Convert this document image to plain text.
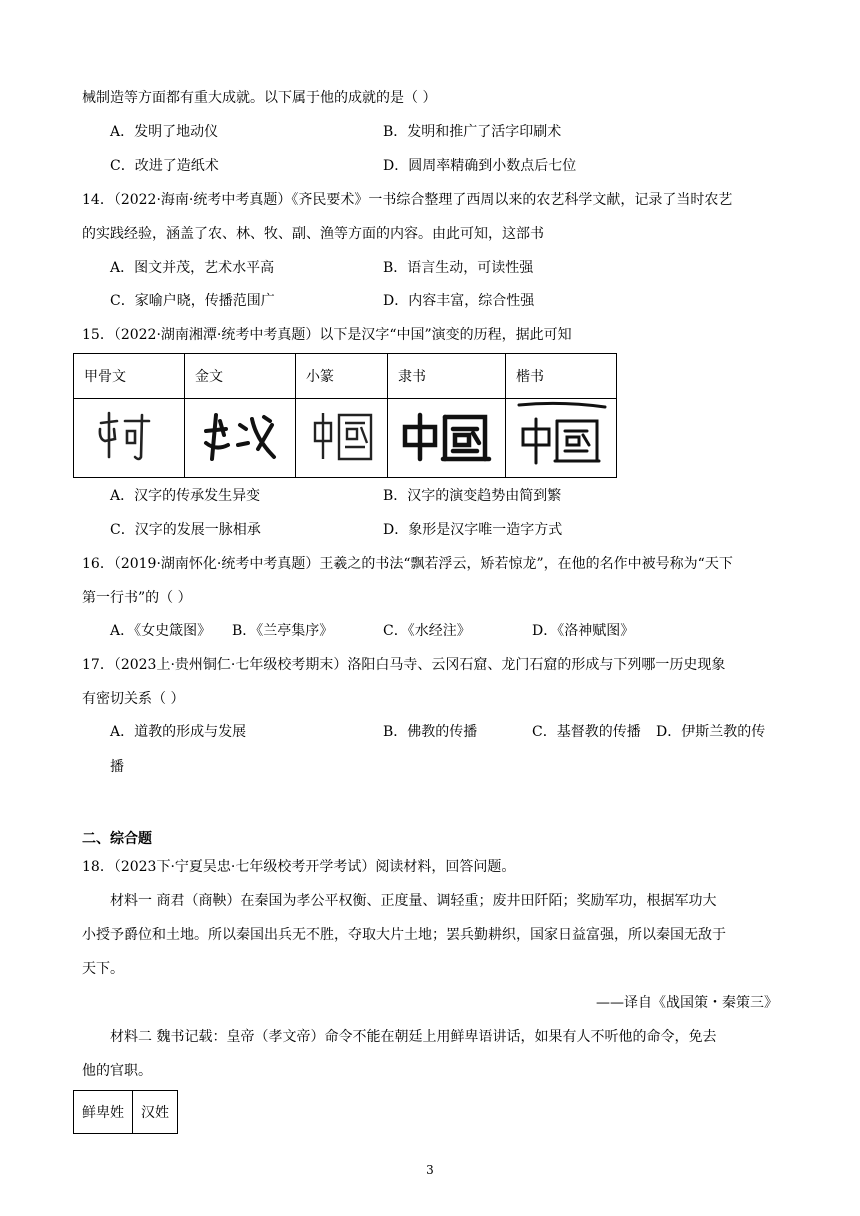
械制造等方面都有重大成就。以下属于他的成就的是（ ）
A．发明了地动仪	B．发明和推广了活字印刷术
C．改进了造纸术	D．圆周率精确到小数点后七位
14．（2022·海南·统考中考真题）《齐民要术》一书综合整理了西周以来的农艺科学文献，记录了当时农艺
的实践经验，涵盖了农、林、牧、副、渔等方面的内容。由此可知，这部书
A．图文并茂，艺术水平高	B．语言生动，可读性强
C．家喻户晓，传播范围广	D．内容丰富，综合性强
15．（2022·湖南湘潭·统考中考真题）以下是汉字“中国”演变的历程，据此可知
甲骨文	金文	小篆	隶书	楷书

A．汉字的传承发生异变	B．汉字的演变趋势由简到繁
C．汉字的发展一脉相承	D．象形是汉字唯一造字方式
16．（2019·湖南怀化·统考中考真题）王羲之的书法“飘若浮云，矫若惊龙”，在他的名作中被号称为“天下
第一行书”的（ ）
A．《女史箴图》 B．《兰亭集序》	C．《水经注》	D．《洛神赋图》
17．（2023上·贵州铜仁·七年级校考期末）洛阳白马寺、云冈石窟、龙门石窟的形成与下列哪一历史现象
有密切关系（ ）
A．道教的形成与发展	B．佛教的传播	C．基督教的传播 D．伊斯兰教的传
播
二、综合题
18．（2023下·宁夏吴忠·七年级校考开学考试）阅读材料，回答问题。
材料一 商君（商鞅）在秦国为孝公平权衡、正度量、调轻重；废井田阡陌；奖励军功，根据军功大
小授予爵位和土地。所以秦国出兵无不胜，夺取大片土地；罢兵勤耕织，国家日益富强，所以秦国无敌于
天下。
——译自《战国策・秦策三》
材料二 魏书记载：皇帝（孝文帝）命令不能在朝廷上用鲜卑语讲话，如果有人不听他的命令，免去
他的官职。
鲜卑姓	汉姓
3
